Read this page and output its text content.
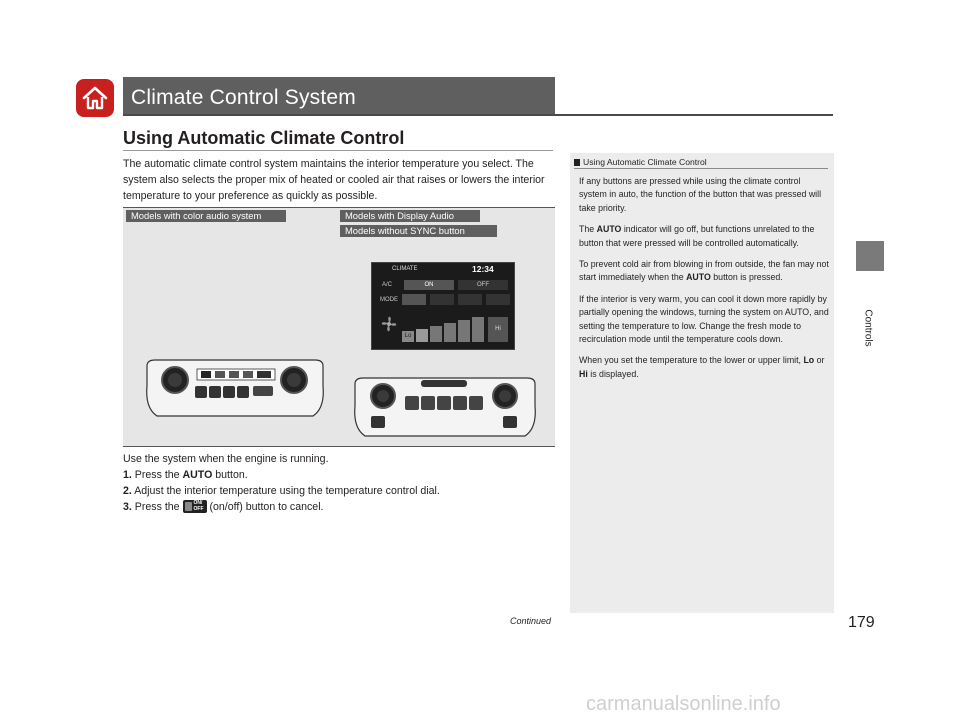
Climate Control System
Controls
Using Automatic Climate Control
The automatic climate control system maintains the interior temperature you select. The system also selects the proper mix of heated or cooled air that raises or lowers the interior temperature to your preference as quickly as possible.
Models with color audio system	Models with Display Audio
Models without SYNC button
CLIMATE	12:34
A/C	ON	OFF
MODE
Lo
Hi
Use the system when the engine is running.
1. Press the AUTO button.
2. Adjust the interior temperature using the temperature control dial.
3. Press the ON/
OFF (on/off) button to cancel.
Using Automatic Climate Control

If any buttons are pressed while using the climate control system in auto, the function of the button that was pressed will take priority.

The AUTO indicator will go off, but functions unrelated to the button that were pressed will be controlled automatically.

To prevent cold air from blowing in from outside, the fan may not start immediately when the AUTO button is pressed.

If the interior is very warm, you can cool it down more rapidly by partially opening the windows, turning the system on AUTO, and setting the temperature to low. Change the fresh mode to recirculation mode until the temperature cools down.

When you set the temperature to the lower or upper limit, Lo or Hi is displayed.

Continued	179
carmanualsonline.info
